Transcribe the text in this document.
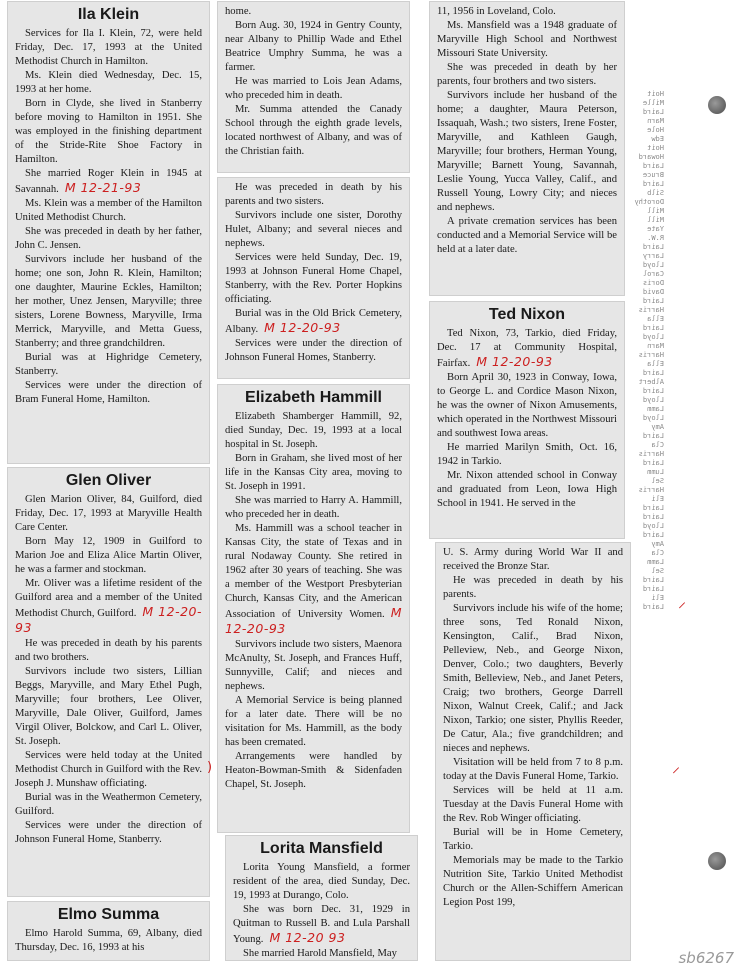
Ila Klein

Services for Ila I. Klein, 72, were held Friday, Dec. 17, 1993 at the United Methodist Church in Hamilton.

Ms. Klein died Wednesday, Dec. 15, 1993 at her home.

Born in Clyde, she lived in Stanberry before moving to Hamilton in 1951. She was employed in the finishing department of the Stride-Rite Shoe Factory in Hamilton.

She married Roger Klein in 1945 at Savannah. M 12-21-93

Ms. Klein was a member of the Hamilton United Methodist Church.

She was preceded in death by her father, John C. Jensen.

Survivors include her husband of the home; one son, John R. Klein, Hamilton; one daughter, Maurine Eckles, Hamilton; her mother, Unez Jensen, Maryville; three sisters, Lorene Bowness, Maryville, Irma Merrick, Maryville, and Metta Guess, Stanberry; and three grandchildren.

Burial was at Highridge Cemetery, Stanberry.

Services were under the direction of Bram Funeral Home, Hamilton.

Glen Oliver

Glen Marion Oliver, 84, Guilford, died Friday, Dec. 17, 1993 at Maryville Health Care Center.

Born May 12, 1909 in Guilford to Marion Joe and Eliza Alice Martin Oliver, he was a farmer and stockman.

Mr. Oliver was a lifetime resident of the Guilford area and a member of the United Methodist Church, Guilford. M 12-20-93

He was preceded in death by his parents and two brothers.

Survivors include two sisters, Lillian Beggs, Maryville, and Mary Ethel Pugh, Maryville; four brothers, Lee Oliver, Maryville, Dale Oliver, Guilford, James Virgil Oliver, Bolckow, and Carl L. Oliver, St. Joseph.

Services were held today at the United Methodist Church in Guilford with the Rev. Joseph J. Munshaw officiating.

Burial was in the Weathermon Cemetery, Guilford.

Services were under the direction of Johnson Funeral Home, Stanberry.

Elmo Summa

Elmo Harold Summa, 69, Albany, died Thursday, Dec. 16, 1993 at his

home.

Born Aug. 30, 1924 in Gentry County, near Albany to Phillip Wade and Ethel Beatrice Umphry Summa, he was a farmer.

He was married to Lois Jean Adams, who preceded him in death.

Mr. Summa attended the Canady School through the eighth grade levels, located northwest of Albany, and was of the Christian faith.

He was preceded in death by his parents and two sisters.

Survivors include one sister, Dorothy Hulet, Albany; and several nieces and nephews.

Services were held Sunday, Dec. 19, 1993 at Johnson Funeral Home Chapel, Stanberry, with the Rev. Porter Hopkins officiating.

Burial was in the Old Brick Cemetery, Albany. M 12-20-93

Services were under the direction of Johnson Funeral Homes, Stanberry.

Elizabeth Hammill

Elizabeth Shamberger Hammill, 92, died Sunday, Dec. 19, 1993 at a local hospital in St. Joseph.

Born in Graham, she lived most of her life in the Kansas City area, moving to St. Joseph in 1991.

She was married to Harry A. Hammill, who preceded her in death.

Ms. Hammill was a school teacher in Kansas City, the state of Texas and in rural Nodaway County. She retired in 1962 after 30 years of teaching. She was a member of the Westport Presbyterian Church, Kansas City, and the American Association of University Women. M 12-20-93

Survivors include two sisters, Maenora McAnulty, St. Joseph, and Frances Huff, Sunnyville, Calif; and nieces and nephews.

A Memorial Service is being planned for a later date. There will be no visitation for Ms. Hammill, as the body has been cremated.

Arrangements were handled by Heaton-Bowman-Smith & Sidenfaden Chapel, St. Joseph.

Lorita Mansfield

Lorita Young Mansfield, a former resident of the area, died Sunday, Dec. 19, 1993 at Durango, Colo.

She was born Dec. 31, 1929 in Quitman to Russell B. and Lula Parshall Young. M 12-20 93

She married Harold Mansfield, May

11, 1956 in Loveland, Colo.

Ms. Mansfield was a 1948 graduate of Maryville High School and Northwest Missouri State University.

She was preceded in death by her parents, four brothers and two sisters.

Survivors include her husband of the home; a daughter, Maura Peterson, Issaquah, Wash.; two sisters, Irene Foster, Maryville, and Kathleen Gaugh, Maryville; four brothers, Herman Young, Maryville; Barnett Young, Savannah, Leslie Young, Yucca Valley, Calif., and Russell Young, Lowry City; and nieces and nephews.

A private cremation services has been conducted and a Memorial Service will be held at a later date.

Ted Nixon

Ted Nixon, 73, Tarkio, died Friday, Dec. 17 at Community Hospital, Fairfax. M 12-20-93

Born April 30, 1923 in Conway, Iowa, to George L. and Cordice Mason Nixon, he was the owner of Nixon Amusements, which operated in the Northwest Missouri and southwest Iowa areas.

He married Marilyn Smith, Oct. 16, 1942 in Tarkio.

Mr. Nixon attended school in Conway and graduated from Leon, Iowa High School in 1941. He served in the

U. S. Army during World War II and received the Bronze Star.

He was preceded in death by his parents.

Survivors include his wife of the home; three sons, Ted Ronald Nixon, Kensington, Calif., Brad Nixon, Pelleview, Neb., and George Nixon, Denver, Colo.; two daughters, Beverly Smith, Belleview, Neb., and Janet Peters, Craig; two brothers, George Darrell Nixon, Walnut Creek, Calif.; and Jack Nixon, Tarkio; one sister, Phyllis Reeder, De Catur, Ala.; five grandchildren; and nieces and nephews.

Visitation will be held from 7 to 8 p.m. today at the Davis Funeral Home, Tarkio.

Services will be held at 11 a.m. Tuesday at the Davis Funeral Home with the Rev. Rob Winger officiating.

Burial will be in Home Cemetery, Tarkio.

Memorials may be made to the Tarkio Nutrition Site, Tarkio United Methodist Church or the Allen-Schiffern American Legion Post 199,

Hoit
Mille
Laird
Marn
Hole
Edw
Hoit
Howard
Laird
Bruce
Laird
Silb
Dorothy
Mill
Mill
Yate
R.W.
Laird
Larry
Lloyd
Carol
Doris
David
Laird
Harris
Ella
Laird
Lloyd
Marn
Harris
Ella
Laird
Albert
Laird
Lloyd
Lamm
Lloyd
Amy
Laird
Cla
Harris
Laird
Lumm
Sel
Harris
Eli
Laird
Laird
Lloyd
Laird
Amy
Cla
Lamm
Sel
Laird
Laird
Eli
Laird ⸝
⸝
)
sb6267
